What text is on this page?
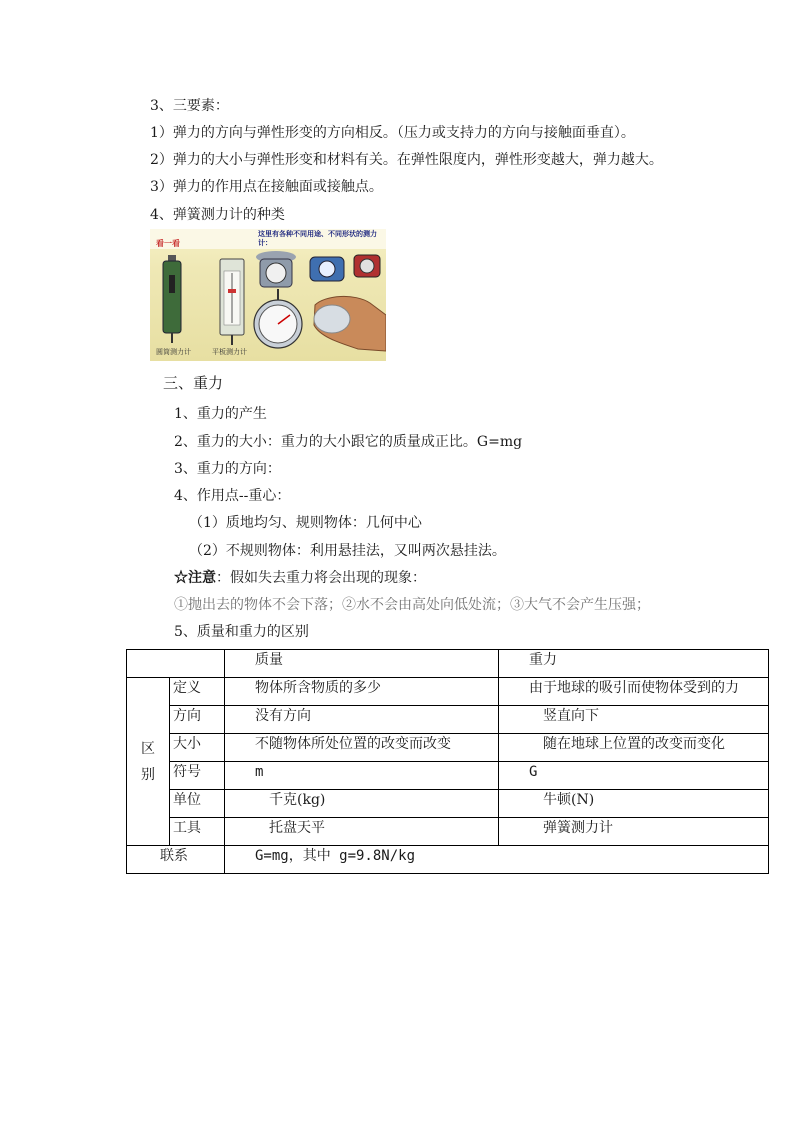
3、三要素：
1）弹力的方向与弹性形变的方向相反。（压力或支持力的方向与接触面垂直）。
2）弹力的大小与弹性形变和材料有关。在弹性限度内，弹性形变越大，弹力越大。
3）弹力的作用点在接触面或接触点。
4、弹簧测力计的种类
看一看
这里有各种不同用途、不同形状的测力计：
圆筒测力计	平板测力计
三、重力
1、重力的产生
2、重力的大小：重力的大小跟它的质量成正比。G=mg
3、重力的方向：
4、作用点--重心：
（1）质地均匀、规则物体：几何中心
（2）不规则物体：利用悬挂法，又叫两次悬挂法。
☆注意：假如失去重力将会出现的现象：
①抛出去的物体不会下落；②水不会由高处向低处流；③大气不会产生压强；
5、质量和重力的区别
		质量	重力

区别	定义	物体所含物质的多少	由于地球的吸引而使物体受到的力
	方向	没有方向	竖直向下
	大小	不随物体所处位置的改变而改变	随在地球上位置的改变而变化
	符号	m	G
	单位	千克(kg)	牛顿(N)
	工具	托盘天平	弹簧测力计
联系		G=mg，其中 g=9.8N/kg	
